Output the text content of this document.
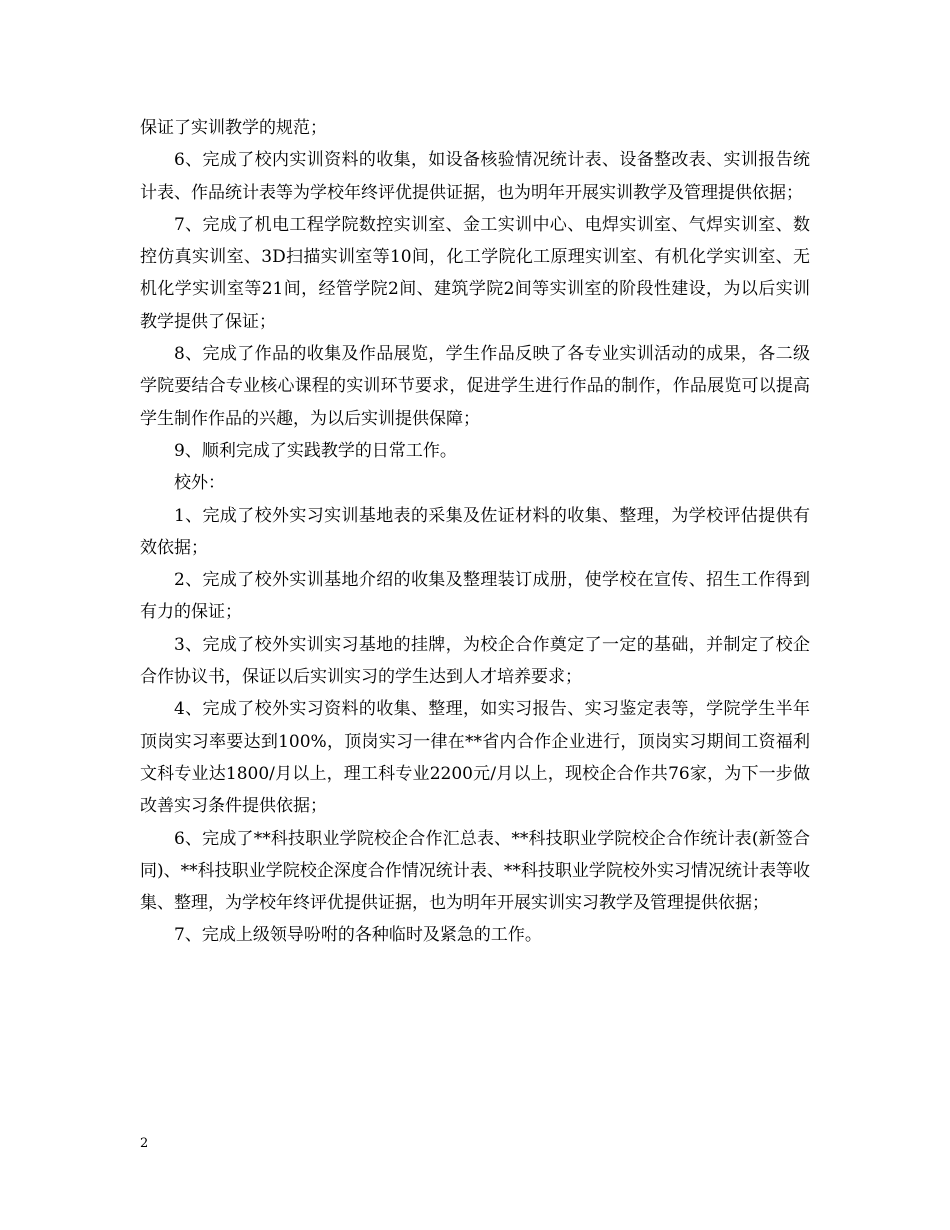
保证了实训教学的规范；

6、完成了校内实训资料的收集，如设备核验情况统计表、设备整改表、实训报告统计表、作品统计表等为学校年终评优提供证据，也为明年开展实训教学及管理提供依据；

7、完成了机电工程学院数控实训室、金工实训中心、电焊实训室、气焊实训室、数控仿真实训室、3D扫描实训室等10间，化工学院化工原理实训室、有机化学实训室、无机化学实训室等21间，经管学院2间、建筑学院2间等实训室的阶段性建设，为以后实训教学提供了保证；

8、完成了作品的收集及作品展览，学生作品反映了各专业实训活动的成果，各二级学院要结合专业核心课程的实训环节要求，促进学生进行作品的制作，作品展览可以提高学生制作作品的兴趣，为以后实训提供保障；

9、顺利完成了实践教学的日常工作。

校外：

1、完成了校外实习实训基地表的采集及佐证材料的收集、整理，为学校评估提供有效依据；

2、完成了校外实训基地介绍的收集及整理装订成册，使学校在宣传、招生工作得到有力的保证；

3、完成了校外实训实习基地的挂牌，为校企合作奠定了一定的基础，并制定了校企合作协议书，保证以后实训实习的学生达到人才培养要求；

4、完成了校外实习资料的收集、整理，如实习报告、实习鉴定表等，学院学生半年顶岗实习率要达到100%，顶岗实习一律在**省内合作企业进行，顶岗实习期间工资福利文科专业达1800/月以上，理工科专业2200元/月以上，现校企合作共76家，为下一步做改善实习条件提供依据；

6、完成了**科技职业学院校企合作汇总表、**科技职业学院校企合作统计表(新签合同)、**科技职业学院校企深度合作情况统计表、**科技职业学院校外实习情况统计表等收集、整理，为学校年终评优提供证据，也为明年开展实训实习教学及管理提供依据；

7、完成上级领导吩咐的各种临时及紧急的工作。

2
